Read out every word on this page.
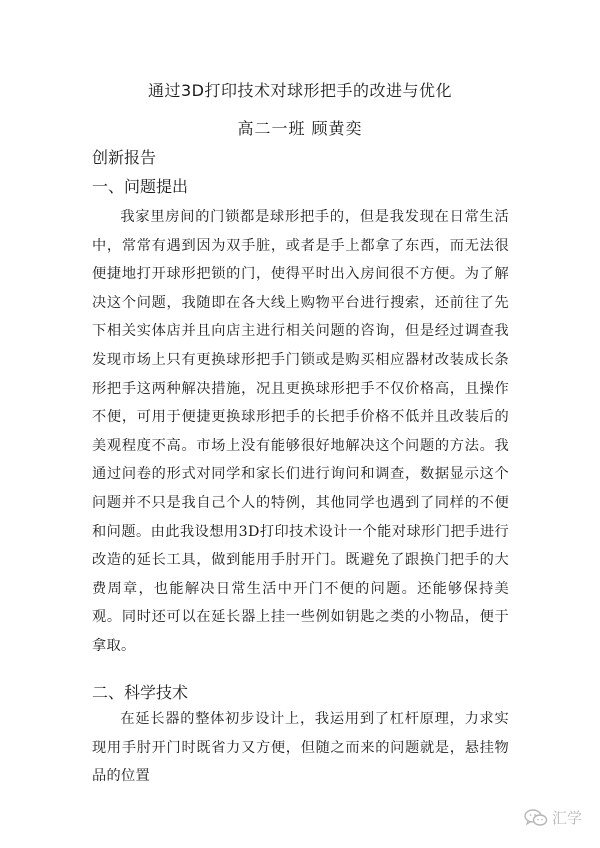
通过3D打印技术对球形把手的改进与优化
高二一班 顾黄奕
创新报告
一、问题提出

我家里房间的门锁都是球形把手的，但是我发现在日常生活中，常常有遇到因为双手脏，或者是手上都拿了东西，而无法很便捷地打开球形把锁的门，使得平时出入房间很不方便。为了解决这个问题，我随即在各大线上购物平台进行搜索，还前往了先下相关实体店并且向店主进行相关问题的咨询，但是经过调查我发现市场上只有更换球形把手门锁或是购买相应器材改装成长条形把手这两种解决措施，况且更换球形把手不仅价格高，且操作不便，可用于便捷更换球形把手的长把手价格不低并且改装后的美观程度不高。市场上没有能够很好地解决这个问题的方法。我通过问卷的形式对同学和家长们进行询问和调查，数据显示这个问题并不只是我自己个人的特例，其他同学也遇到了同样的不便和问题。由此我设想用3D打印技术设计一个能对球形门把手进行改造的延长工具，做到能用手肘开门。既避免了跟换门把手的大费周章，也能解决日常生活中开门不便的问题。还能够保持美观。同时还可以在延长器上挂一些例如钥匙之类的小物品，便于拿取。

二、科学技术

在延长器的整体初步设计上，我运用到了杠杆原理，力求实现用手肘开门时既省力又方便，但随之而来的问题就是，悬挂物品的位置

汇学
